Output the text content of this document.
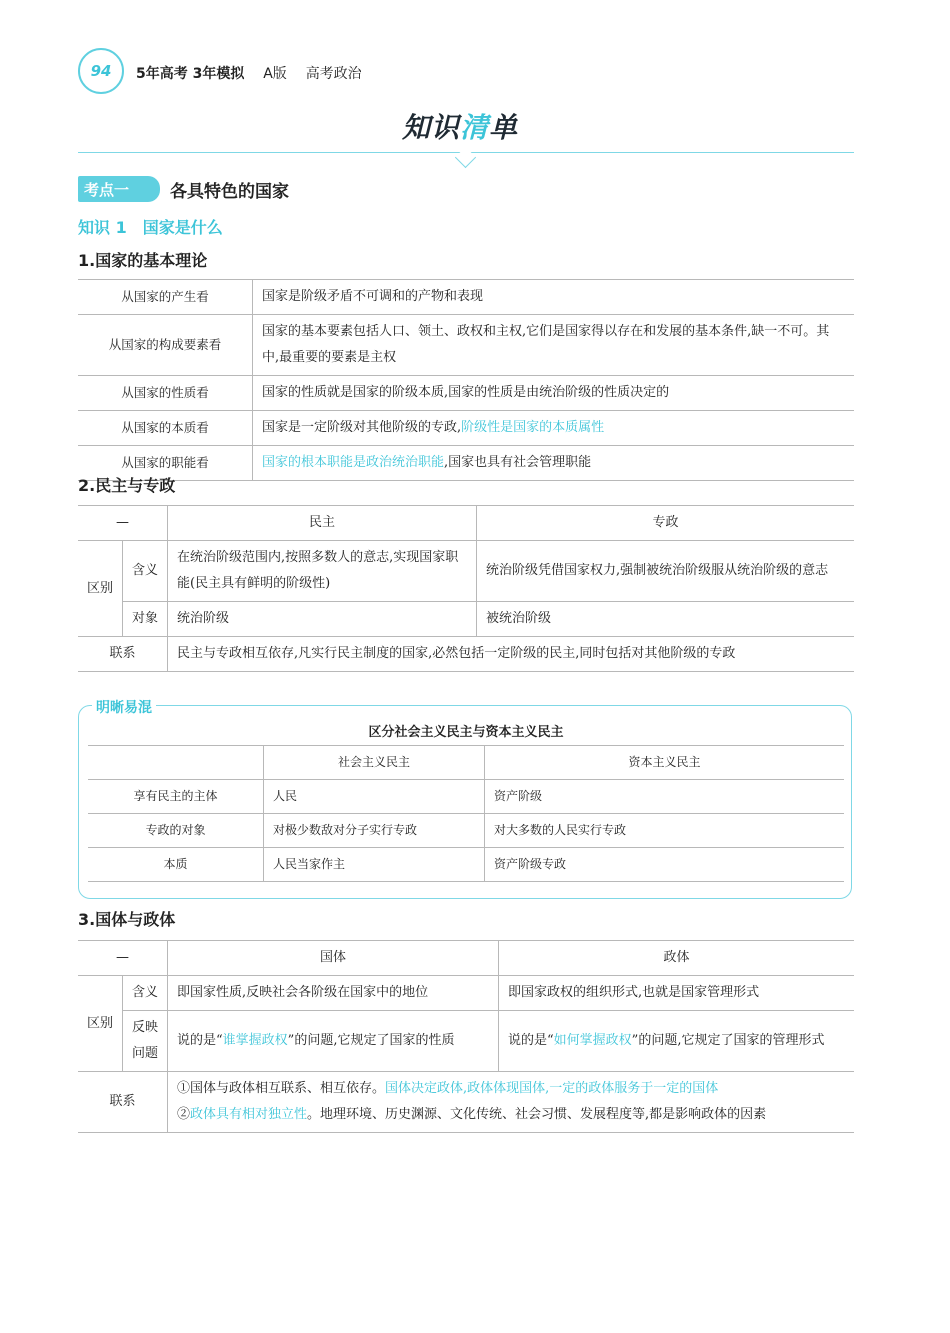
94	5年高考 3年模拟 A版 高考政治
知识清单
考点一	各具特色的国家
知识 1　国家是什么
1.国家的基本理论
从国家的产生看	国家是阶级矛盾不可调和的产物和表现
从国家的构成要素看	国家的基本要素包括人口、领土、政权和主权,它们是国家得以存在和发展的基本条件,缺一不可。其中,最重要的要素是主权
从国家的性质看	国家的性质就是国家的阶级本质,国家的性质是由统治阶级的性质决定的
从国家的本质看	国家是一定阶级对其他阶级的专政,阶级性是国家的本质属性
从国家的职能看	国家的根本职能是政治统治职能,国家也具有社会管理职能
2.民主与专政
—		民主	专政
区别	含义	在统治阶级范围内,按照多数人的意志,实现国家职能(民主具有鲜明的阶级性)	统治阶级凭借国家权力,强制被统治阶级服从统治阶级的意志
	对象	统治阶级	被统治阶级
联系		民主与专政相互依存,凡实行民主制度的国家,必然包括一定阶级的民主,同时包括对其他阶级的专政	
明晰易混
区分社会主义民主与资本主义民主
	社会主义民主	资本主义民主
享有民主的主体	人民	资产阶级
专政的对象	对极少数敌对分子实行专政	对大多数的人民实行专政
本质	人民当家作主	资产阶级专政
3.国体与政体
—		国体	政体
区别	含义	即国家性质,反映社会各阶级在国家中的地位	即国家政权的组织形式,也就是国家管理形式
	反映问题	说的是“谁掌握政权”的问题,它规定了国家的性质	说的是“如何掌握政权”的问题,它规定了国家的管理形式
联系		①国体与政体相互联系、相互依存。国体决定政体,政体体现国体,一定的政体服务于一定的国体
②政体具有相对独立性。地理环境、历史渊源、文化传统、社会习惯、发展程度等,都是影响政体的因素	
